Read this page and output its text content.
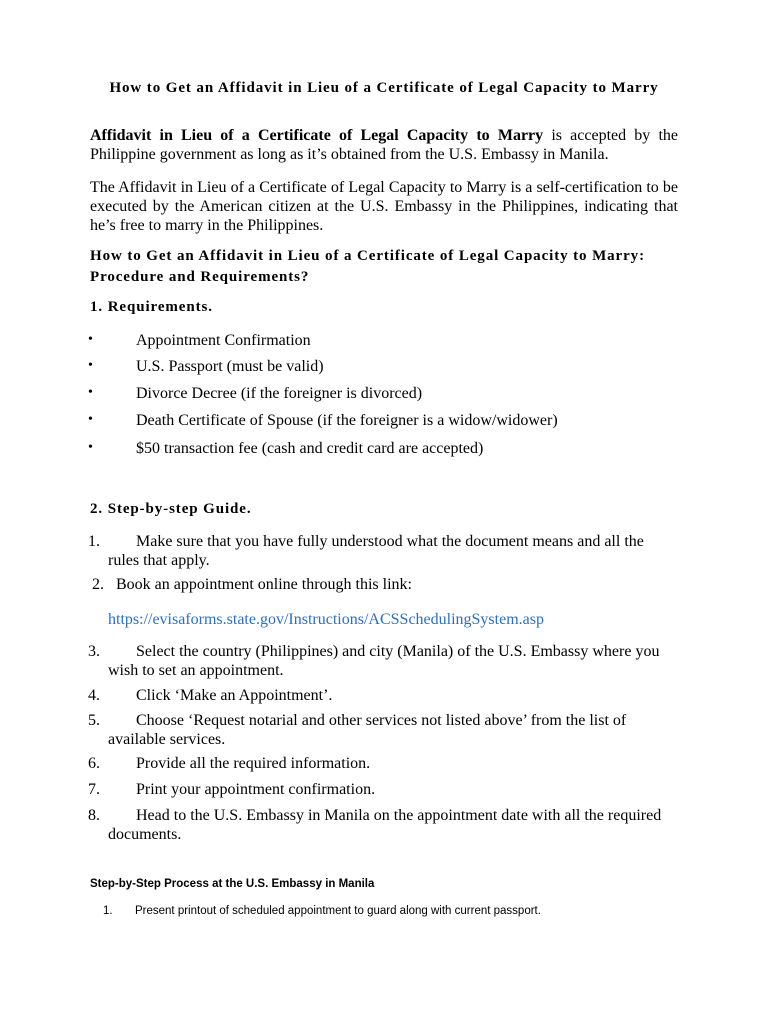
How to Get an Affidavit in Lieu of a Certificate of Legal Capacity to Marry
Affidavit in Lieu of a Certificate of Legal Capacity to Marry is accepted by the Philippine government as long as it’s obtained from the U.S. Embassy in Manila.
The Affidavit in Lieu of a Certificate of Legal Capacity to Marry is a self-certification to be executed by the American citizen at the U.S. Embassy in the Philippines, indicating that he’s free to marry in the Philippines.
How to Get an Affidavit in Lieu of a Certificate of Legal Capacity to Marry: Procedure and Requirements?
1. Requirements.
•	Appointment Confirmation
•	U.S. Passport (must be valid)
•	Divorce Decree (if the foreigner is divorced)
•	Death Certificate of Spouse (if the foreigner is a widow/widower)
•	$50 transaction fee (cash and credit card are accepted)
2. Step-by-step Guide.
1.	Make sure that you have fully understood what the document means and all the rules that apply.
2. Book an appointment online through this link:
https://evisaforms.state.gov/Instructions/ACSSchedulingSystem.asp
3.	Select the country (Philippines) and city (Manila) of the U.S. Embassy where you wish to set an appointment.
4.	Click ‘Make an Appointment’.
5.	Choose ‘Request notarial and other services not listed above’ from the list of available services.
6.	Provide all the required information.
7.	Print your appointment confirmation.
8.	Head to the U.S. Embassy in Manila on the appointment date with all the required documents.
Step-by-Step Process at the U.S. Embassy in Manila
1. Present printout of scheduled appointment to guard along with current passport.
